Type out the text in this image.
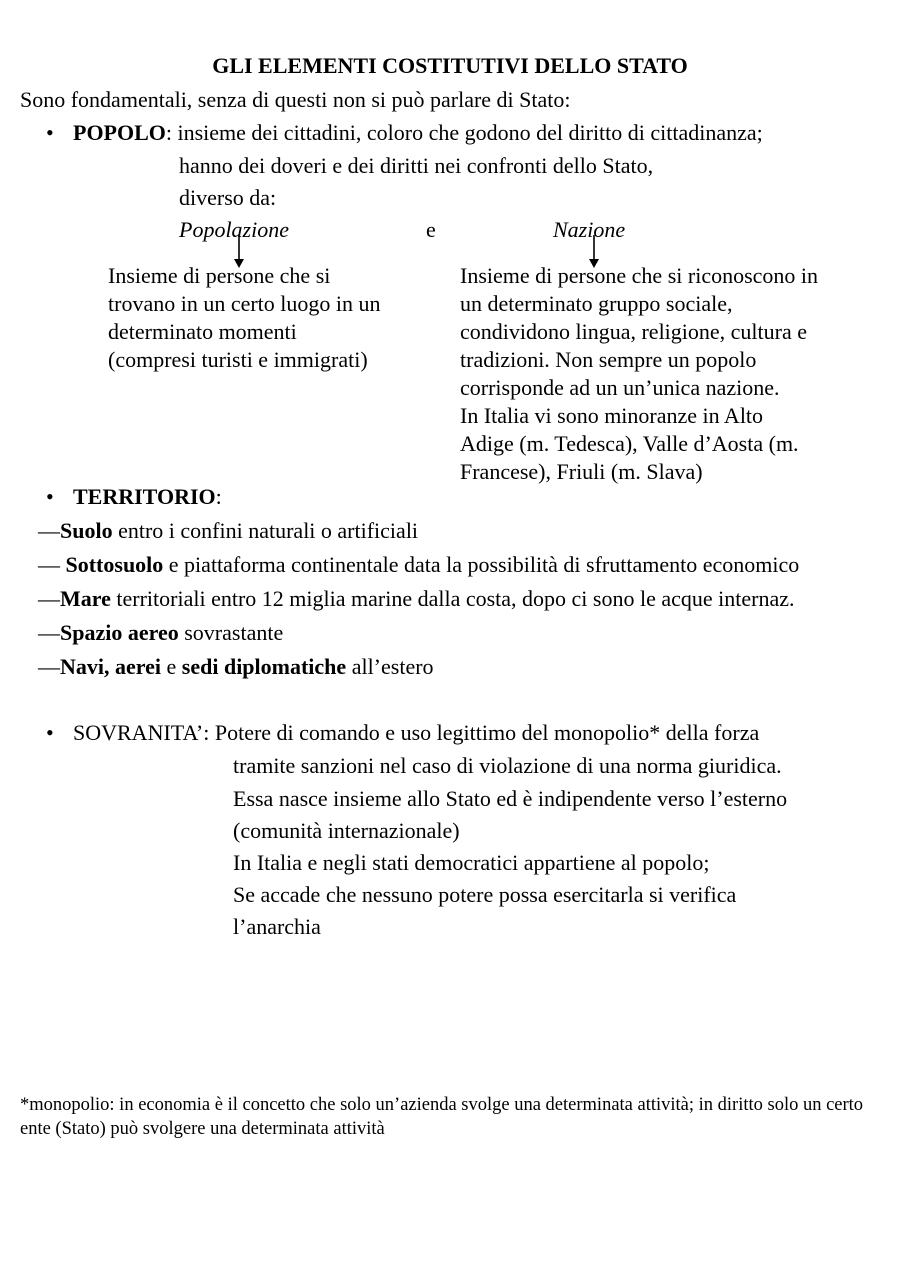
GLI ELEMENTI COSTITUTIVI DELLO STATO
Sono fondamentali, senza di questi non si può parlare di Stato:
• POPOLO: insieme dei cittadini, coloro che godono del diritto di cittadinanza;
hanno dei doveri e dei diritti nei confronti dello Stato,
diverso da:
Popolazione	e	Nazione
Insieme di persone che si
trovano in un certo luogo in un
determinato momenti
(compresi turisti e immigrati)
Insieme di persone che si riconoscono in
un determinato gruppo sociale,
condividono lingua, religione, cultura e
tradizioni. Non sempre un popolo
corrisponde ad un un’unica nazione.
In Italia vi sono minoranze in Alto
Adige (m. Tedesca), Valle d’Aosta (m.
Francese), Friuli (m. Slava)
• TERRITORIO:
—Suolo entro i confini naturali o artificiali
— Sottosuolo e piattaforma continentale data la possibilità di sfruttamento economico
—Mare territoriali entro 12 miglia marine dalla costa, dopo ci sono le acque internaz.
—Spazio aereo sovrastante
—Navi, aerei e sedi diplomatiche all’estero
• SOVRANITA’: Potere di comando e uso legittimo del monopolio* della forza
tramite sanzioni nel caso di violazione di una norma giuridica.
Essa nasce insieme allo Stato ed è indipendente verso l’esterno
(comunità internazionale)
In Italia e negli stati democratici appartiene al popolo;
Se accade che nessuno potere possa esercitarla si verifica
l’anarchia
*monopolio: in economia è il concetto che solo un’azienda svolge una determinata attività; in diritto solo un certo ente (Stato) può svolgere una determinata attività
